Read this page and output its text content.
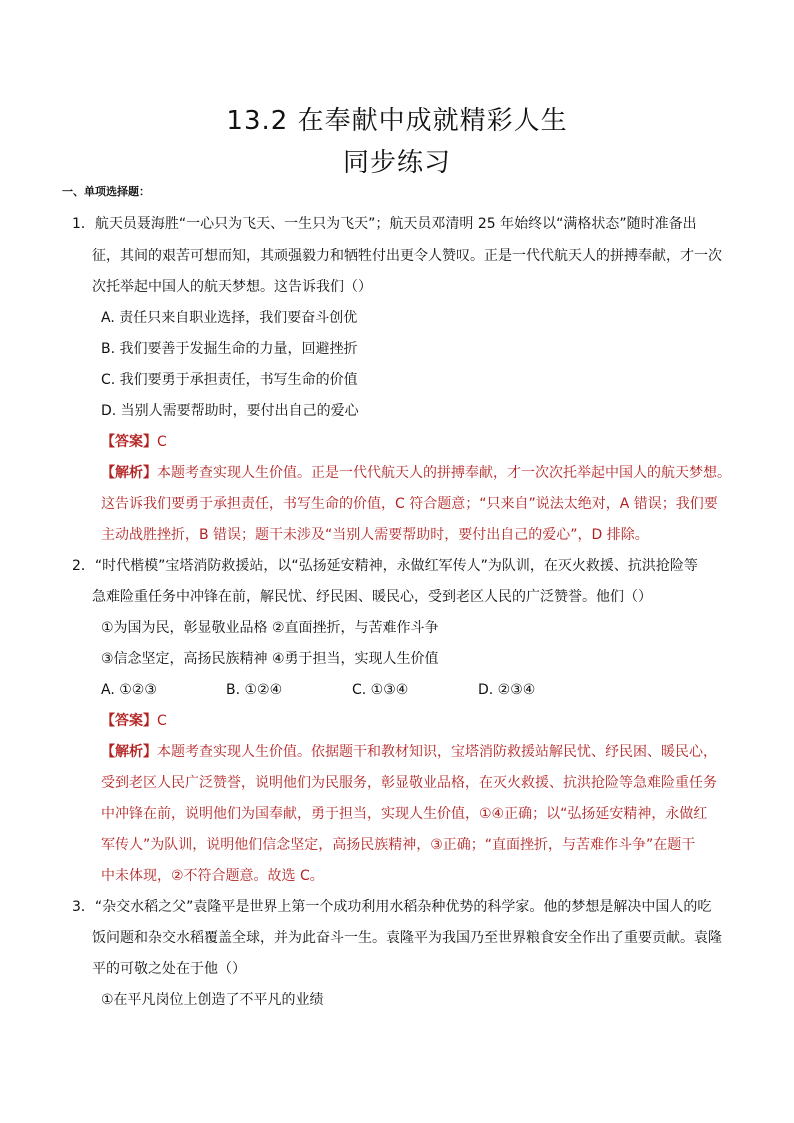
13.2 在奉献中成就精彩人生
同步练习
一、单项选择题：
1．航天员聂海胜“一心只为飞天、一生只为飞天”；航天员邓清明 25 年始终以“满格状态”随时准备出
征，其间的艰苦可想而知，其顽强毅力和牺牲付出更令人赞叹。正是一代代航天人的拼搏奉献，才一次
次托举起中国人的航天梦想。这告诉我们（）
A. 责任只来自职业选择，我们要奋斗创优
B. 我们要善于发掘生命的力量，回避挫折
C. 我们要勇于承担责任，书写生命的价值
D. 当别人需要帮助时，要付出自己的爱心
【答案】C
【解析】本题考查实现人生价值。正是一代代航天人的拼搏奉献，才一次次托举起中国人的航天梦想。
这告诉我们要勇于承担责任，书写生命的价值，C 符合题意；“只来自”说法太绝对，A 错误；我们要
主动战胜挫折，B 错误；题干未涉及“当别人需要帮助时，要付出自己的爱心”，D 排除。
2．“时代楷模”宝塔消防救援站，以“弘扬延安精神，永做红军传人”为队训，在灭火救援、抗洪抢险等
急难险重任务中冲锋在前，解民忧、纾民困、暖民心，受到老区人民的广泛赞誉。他们（）
①为国为民，彰显敬业品格 ②直面挫折，与苦难作斗争
③信念坚定，高扬民族精神 ④勇于担当，实现人生价值
A. ①②③	B. ①②④	C. ①③④	D. ②③④
【答案】C
【解析】本题考查实现人生价值。依据题干和教材知识，宝塔消防救援站解民忧、纾民困、暖民心，
受到老区人民广泛赞誉，说明他们为民服务，彰显敬业品格，在灭火救援、抗洪抢险等急难险重任务
中冲锋在前，说明他们为国奉献，勇于担当，实现人生价值，①④正确；以“弘扬延安精神，永做红
军传人”为队训，说明他们信念坚定，高扬民族精神，③正确；“直面挫折，与苦难作斗争”在题干
中未体现，②不符合题意。故选 C。
3．“杂交水稻之父”袁隆平是世界上第一个成功利用水稻杂种优势的科学家。他的梦想是解决中国人的吃
饭问题和杂交水稻覆盖全球，并为此奋斗一生。袁隆平为我国乃至世界粮食安全作出了重要贡献。袁隆
平的可敬之处在于他（）
①在平凡岗位上创造了不平凡的业绩
